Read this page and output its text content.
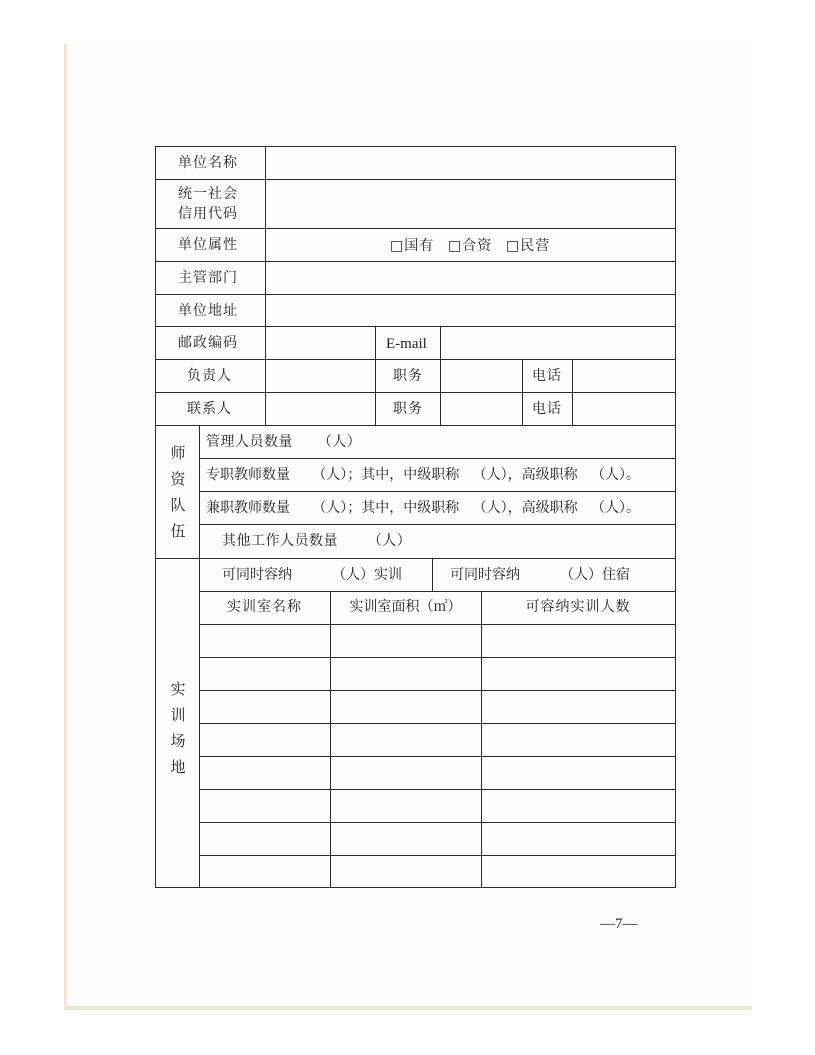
单位名称
统一社会
信用代码
单位属性	□国有 □合资 □民营
主管部门
单位地址
邮政编码	E-mail
负责人	职务	电话
联系人	职务	电话
师
资
队
伍
管理人员数量     （人）
专职教师数量     （人）；其中，中级职称   （人），高级职称   （人）。
兼职教师数量     （人）；其中，中级职称   （人），高级职称   （人）。
其他工作人员数量      （人）
实
训
场
地
可同时容纳         （人）实训	可同时容纳         （人）住宿
实训室名称	实训室面积（㎡）	可容纳实训人数
—7—
